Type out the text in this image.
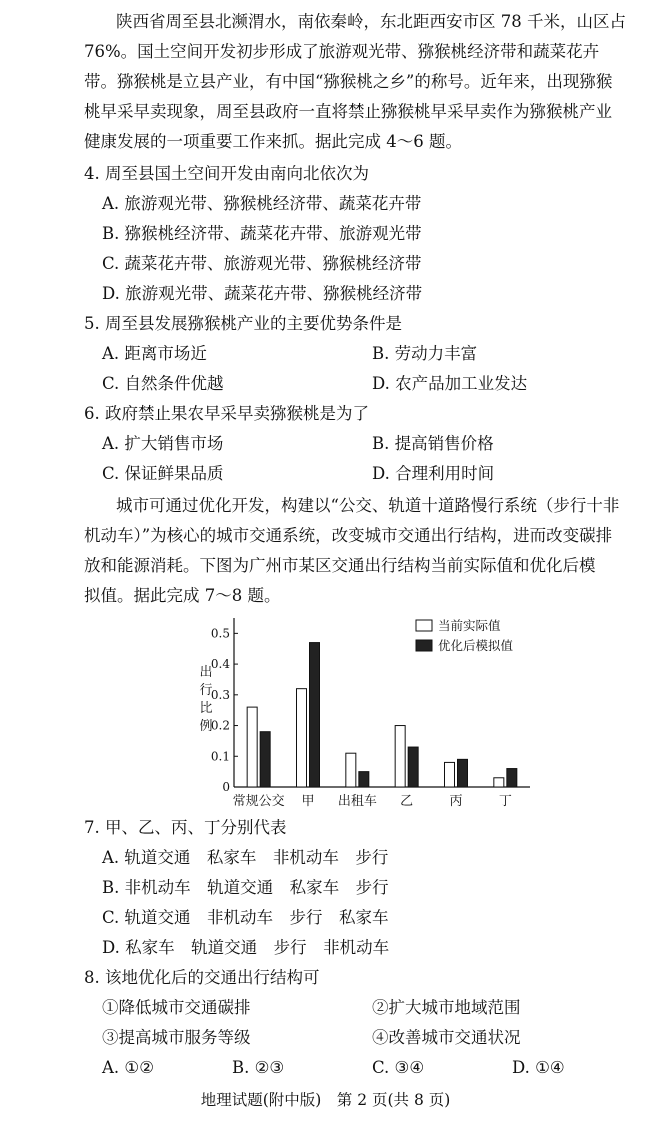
陕西省周至县北濒渭水，南依秦岭，东北距西安市区 78 千米，山区占
76%。国土空间开发初步形成了旅游观光带、猕猴桃经济带和蔬菜花卉
带。猕猴桃是立县产业，有中国“猕猴桃之乡”的称号。近年来，出现猕猴
桃早采早卖现象，周至县政府一直将禁止猕猴桃早采早卖作为猕猴桃产业
健康发展的一项重要工作来抓。据此完成 4～6 题。
4. 周至县国土空间开发由南向北依次为
A. 旅游观光带、猕猴桃经济带、蔬菜花卉带
B. 猕猴桃经济带、蔬菜花卉带、旅游观光带
C. 蔬菜花卉带、旅游观光带、猕猴桃经济带
D. 旅游观光带、蔬菜花卉带、猕猴桃经济带
5. 周至县发展猕猴桃产业的主要优势条件是
A. 距离市场近	B. 劳动力丰富
C. 自然条件优越	D. 农产品加工业发达
6. 政府禁止果农早采早卖猕猴桃是为了
A. 扩大销售市场	B. 提高销售价格
C. 保证鲜果品质	D. 合理利用时间
城市可通过优化开发，构建以“公交、轨道十道路慢行系统（步行十非
机动车）”为核心的城市交通系统，改变城市交通出行结构，进而改变碳排
放和能源消耗。下图为广州市某区交通出行结构当前实际值和优化后模
拟值。据此完成 7～8 题。
0
0.1
0.2
0.3
0.4
0.5
出
行
比
例
常规公交 甲 出租车 乙	丙	丁
当前实际值
优化后模拟值
7. 甲、乙、丙、丁分别代表
A. 轨道交通　私家车　非机动车　步行
B. 非机动车　轨道交通　私家车　步行
C. 轨道交通　非机动车　步行　私家车
D. 私家车　轨道交通　步行　非机动车
8. 该地优化后的交通出行结构可
①降低城市交通碳排	②扩大城市地域范围
③提高城市服务等级	④改善城市交通状况
A. ①②	B. ②③	C. ③④	D. ①④
地理试题(附中版)　第 2 页(共 8 页)
